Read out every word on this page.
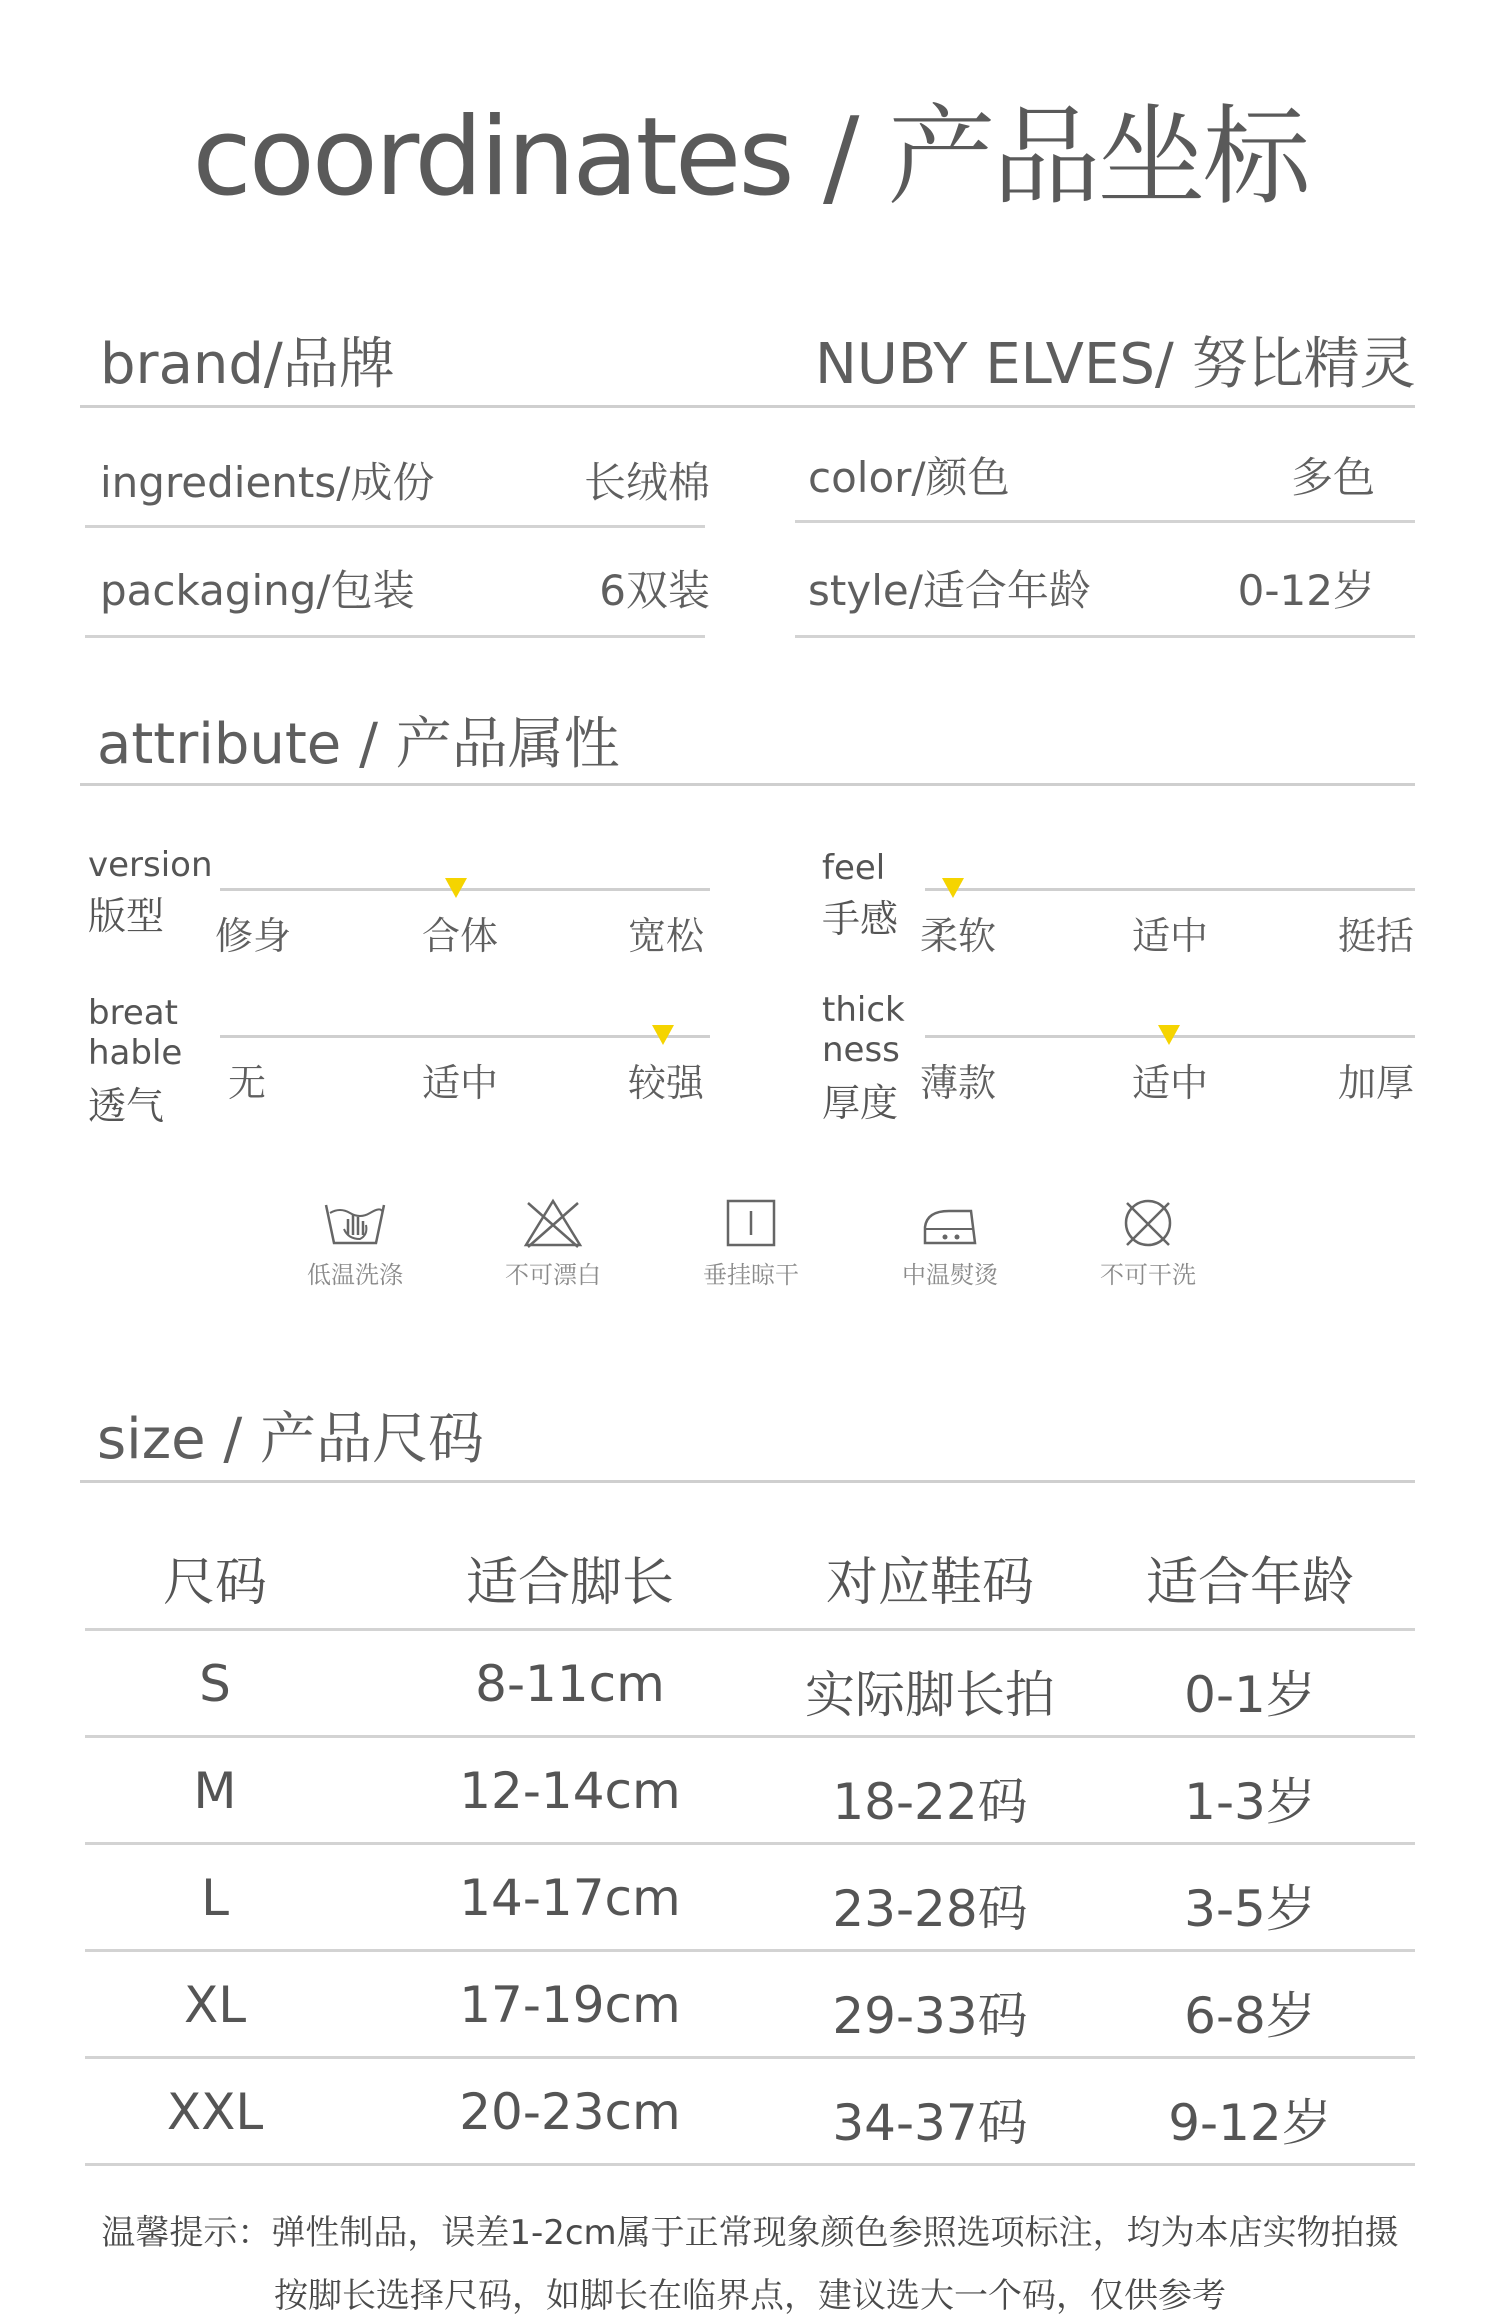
coordinates / 产品坐标
brand/品牌	NUBY ELVES/ 努比精灵
ingredients/成份	长绒棉
packaging/包装	6双装
color/颜色	多色
style/适合年龄	0-12岁
attribute / 产品属性
version
版型 修身	合体	宽松
feel
手感 柔软	适中	挺括
breat
hable
透气
无	适中	较强
thick
ness
厚度 薄款	适中	加厚
低温洗涤	不可漂白	垂挂晾干	中温熨烫	不可干洗
size / 产品尺码
尺码	适合脚长	对应鞋码	适合年龄
S	8-11cm	实际脚长拍	0-1岁
M	12-14cm	18-22码	1-3岁
L	14-17cm	23-28码	3-5岁
XL	17-19cm	29-33码	6-8岁
XXL	20-23cm	34-37码	9-12岁
温馨提示：弹性制品，误差1-2cm属于正常现象颜色参照选项标注，均为本店实物拍摄
按脚长选择尺码，如脚长在临界点，建议选大一个码，仅供参考
